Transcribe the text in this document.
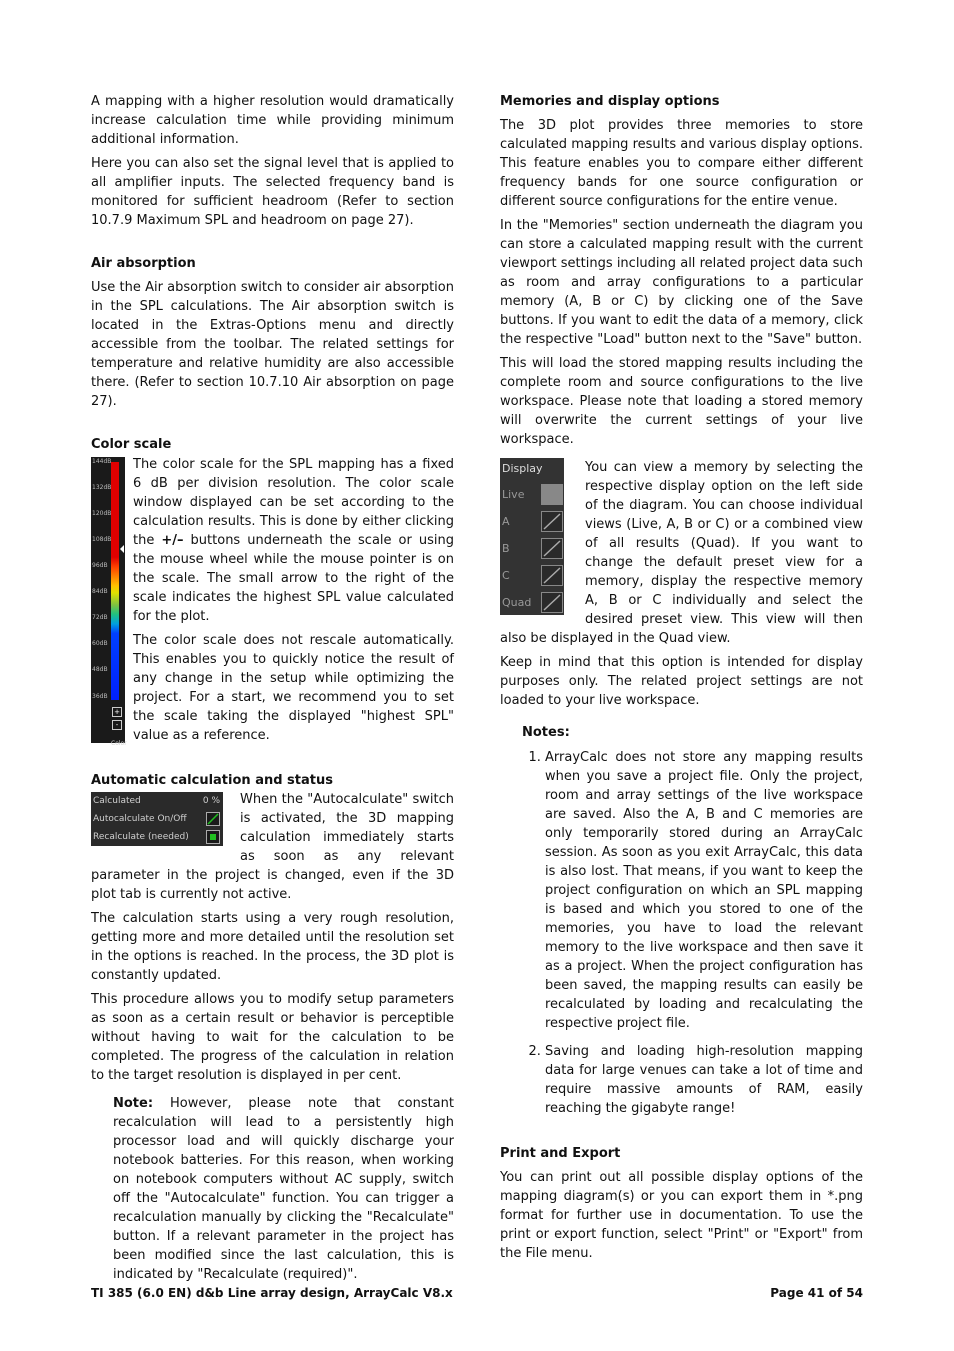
A mapping with a higher resolution would dramatically increase calculation time while providing minimum additional information.

Here you can also set the signal level that is applied to all amplifier inputs. The selected frequency band is monitored for sufficient headroom (Refer to section 10.7.9 Maximum SPL and headroom on page 27).

Air absorption

Use the Air absorption switch to consider air absorption in the SPL calculations. The Air absorption switch is located in the Extras-Options menu and directly accessible from the toolbar. The related settings for temperature and relative humidity are also accessible there. (Refer to section 10.7.10 Air absorption on page 27).

Color scale
144dB
132dB
120dB
108dB
96dB
84dB
72dB
60dB
48dB
36dB
+
-
Color

The color scale for the SPL mapping has a fixed 6 dB per division resolution. The color scale window displayed can be set according to the calculation results. This is done by either clicking the +/– buttons underneath the scale or using the mouse wheel while the mouse pointer is on the scale. The small arrow to the right of the scale indicates the highest SPL value calculated for the plot.

The color scale does not rescale automatically. This enables you to quickly notice the result of any change in the setup while optimizing the project. For a start, we recommend you to set the scale taking the displayed "highest SPL" value as a reference.

Automatic calculation and status
Calculated	0 %
Autocalculate On/Off
Recalculate (needed)

When the "Autocalculate" switch is activated, the 3D mapping calculation immediately starts as soon as any relevant parameter in the project is changed, even if the 3D plot tab is currently not active.

The calculation starts using a very rough resolution, getting more and more detailed until the resolution set in the options is reached. In the process, the 3D plot is constantly updated.

This procedure allows you to modify setup parameters as soon as a certain result or behavior is perceptible without having to wait for the calculation to be completed. The progress of the calculation in relation to the target resolution is displayed in per cent.

Note: However, please note that constant recalculation will lead to a persistently high processor load and will quickly discharge your notebook batteries. For this reason, when working on notebook computers without AC supply, switch off the "Autocalculate" function. You can trigger a recalculation manually by clicking the "Recalculate" button. If a relevant parameter in the project has been modified since the last calculation, this is indicated by "Recalculate (required)".

Memories and display options

The 3D plot provides three memories to store calculated mapping results and various display options. This feature enables you to compare either different frequency bands for one source configuration or different source configurations for the entire venue.

In the "Memories" section underneath the diagram you can store a calculated mapping result with the current viewport settings including all related project data such as room and array configurations to a particular memory (A, B or C) by clicking one of the Save buttons. If you want to edit the data of a memory, click the respective "Load" button next to the "Save" button.

This will load the stored mapping results including the complete room and source configurations to the live workspace. Please note that loading a stored memory will overwrite the current settings of your live workspace.

Display
Live
A
B
C
Quad

You can view a memory by selecting the respective display option on the left side of the diagram. You can choose individual views (Live, A, B or C) or a combined view of all results (Quad). If you want to change the default preset view for a memory, display the respective memory A, B or C individually and select the desired preset view. This view will then also be displayed in the Quad view.

Keep in mind that this option is intended for display purposes only. The related project settings are not loaded to your live workspace.

Notes:
1. ArrayCalc does not store any mapping results when you save a project file. Only the project, room and array settings of the live workspace are saved. Also the A, B and C memories are only temporarily stored during an ArrayCalc session. As soon as you exit ArrayCalc, this data is also lost. That means, if you want to keep the project configuration on which an SPL mapping is based and which you stored to one of the memories, you have to load the relevant memory to the live workspace and then save it as a project. When the project configuration has been saved, the mapping results can easily be recalculated by loading and recalculating the respective project file.
2. Saving and loading high-resolution mapping data for large venues can take a lot of time and require massive amounts of RAM, easily reaching the gigabyte range!
Print and Export

You can print out all possible display options of the mapping diagram(s) or you can export them in *.png format for further use in documentation. To use the print or export function, select "Print" or "Export" from the File menu.

TI 385 (6.0 EN) d&b Line array design, ArrayCalc V8.x	Page 41 of 54
